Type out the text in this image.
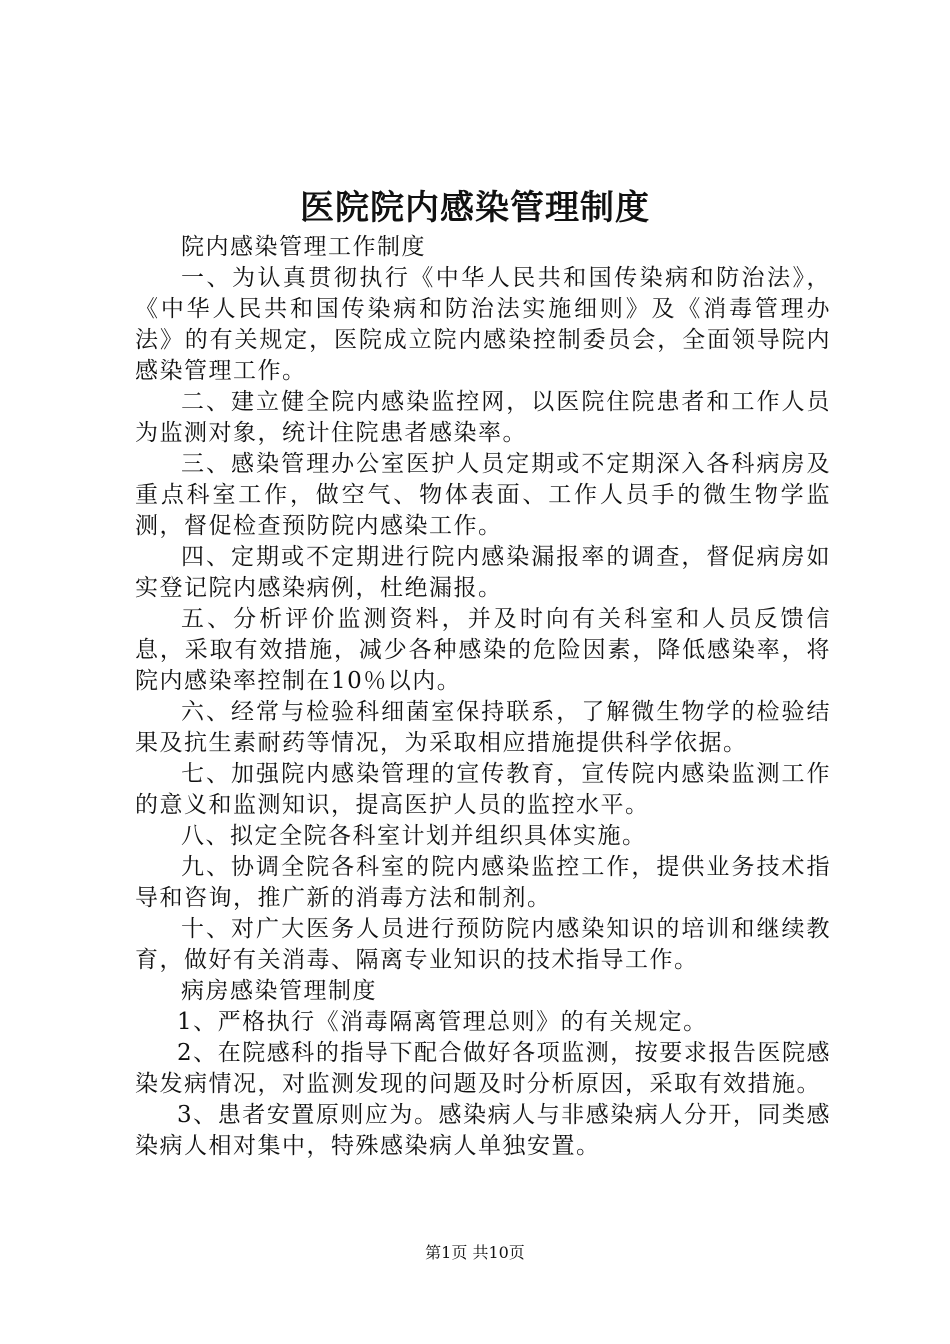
医院院内感染管理制度

院内感染管理工作制度

一、为认真贯彻执行《中华人民共和国传染病和防治法》，《中华人民共和国传染病和防治法实施细则》及《消毒管理办法》的有关规定，医院成立院内感染控制委员会，全面领导院内感染管理工作。

二、建立健全院内感染监控网，以医院住院患者和工作人员为监测对象，统计住院患者感染率。

三、感染管理办公室医护人员定期或不定期深入各科病房及重点科室工作，做空气、物体表面、工作人员手的微生物学监测，督促检查预防院内感染工作。

四、定期或不定期进行院内感染漏报率的调查，督促病房如实登记院内感染病例，杜绝漏报。

五、分析评价监测资料，并及时向有关科室和人员反馈信息，采取有效措施，减少各种感染的危险因素，降低感染率，将院内感染率控制在10％以内。

六、经常与检验科细菌室保持联系，了解微生物学的检验结果及抗生素耐药等情况，为采取相应措施提供科学依据。

七、加强院内感染管理的宣传教育，宣传院内感染监测工作的意义和监测知识，提高医护人员的监控水平。

八、拟定全院各科室计划并组织具体实施。

九、协调全院各科室的院内感染监控工作，提供业务技术指导和咨询，推广新的消毒方法和制剂。

十、对广大医务人员进行预防院内感染知识的培训和继续教育，做好有关消毒、隔离专业知识的技术指导工作。

病房感染管理制度

1、严格执行《消毒隔离管理总则》的有关规定。

2、在院感科的指导下配合做好各项监测，按要求报告医院感染发病情况，对监测发现的问题及时分析原因，采取有效措施。

3、患者安置原则应为。感染病人与非感染病人分开，同类感染病人相对集中，特殊感染病人单独安置。

第1页 共10页
